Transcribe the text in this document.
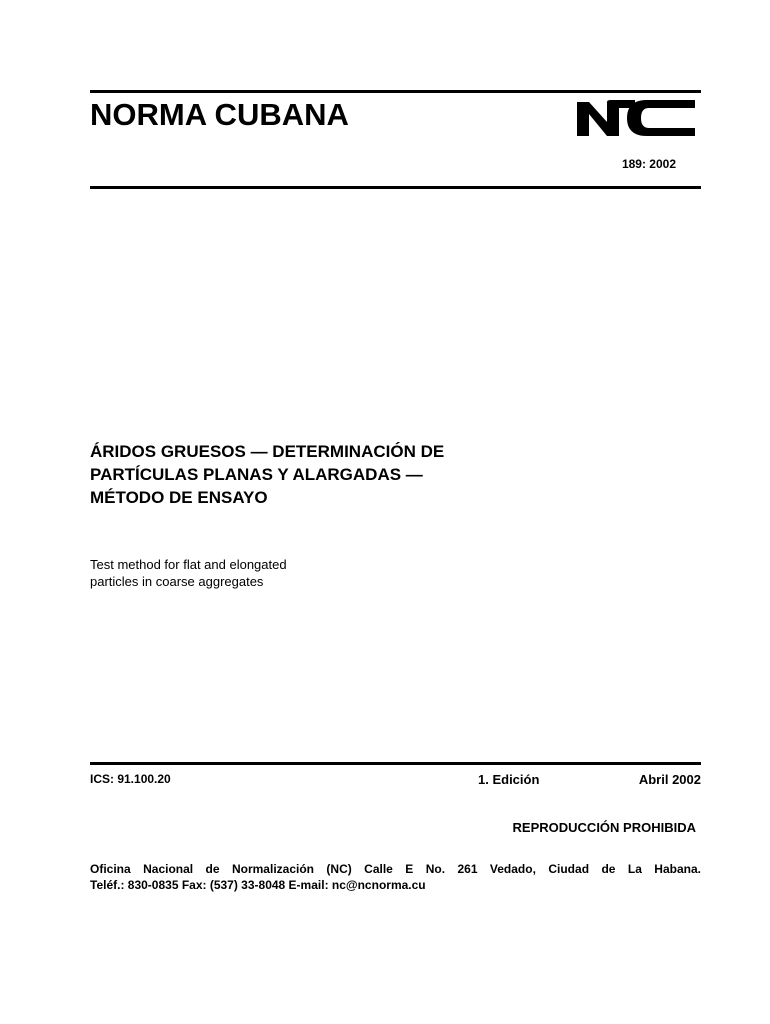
NORMA CUBANA
189: 2002
ÁRIDOS GRUESOS — DETERMINACIÓN DE
PARTÍCULAS PLANAS Y ALARGADAS —
MÉTODO DE ENSAYO
Test method for flat and elongated
particles in coarse aggregates
ICS: 91.100.20	1. Edición	Abril 2002
REPRODUCCIÓN PROHIBIDA
Oficina Nacional de Normalización (NC) Calle E No. 261 Vedado, Ciudad de La Habana.
Teléf.: 830-0835 Fax: (537) 33-8048 E-mail: nc@ncnorma.cu
